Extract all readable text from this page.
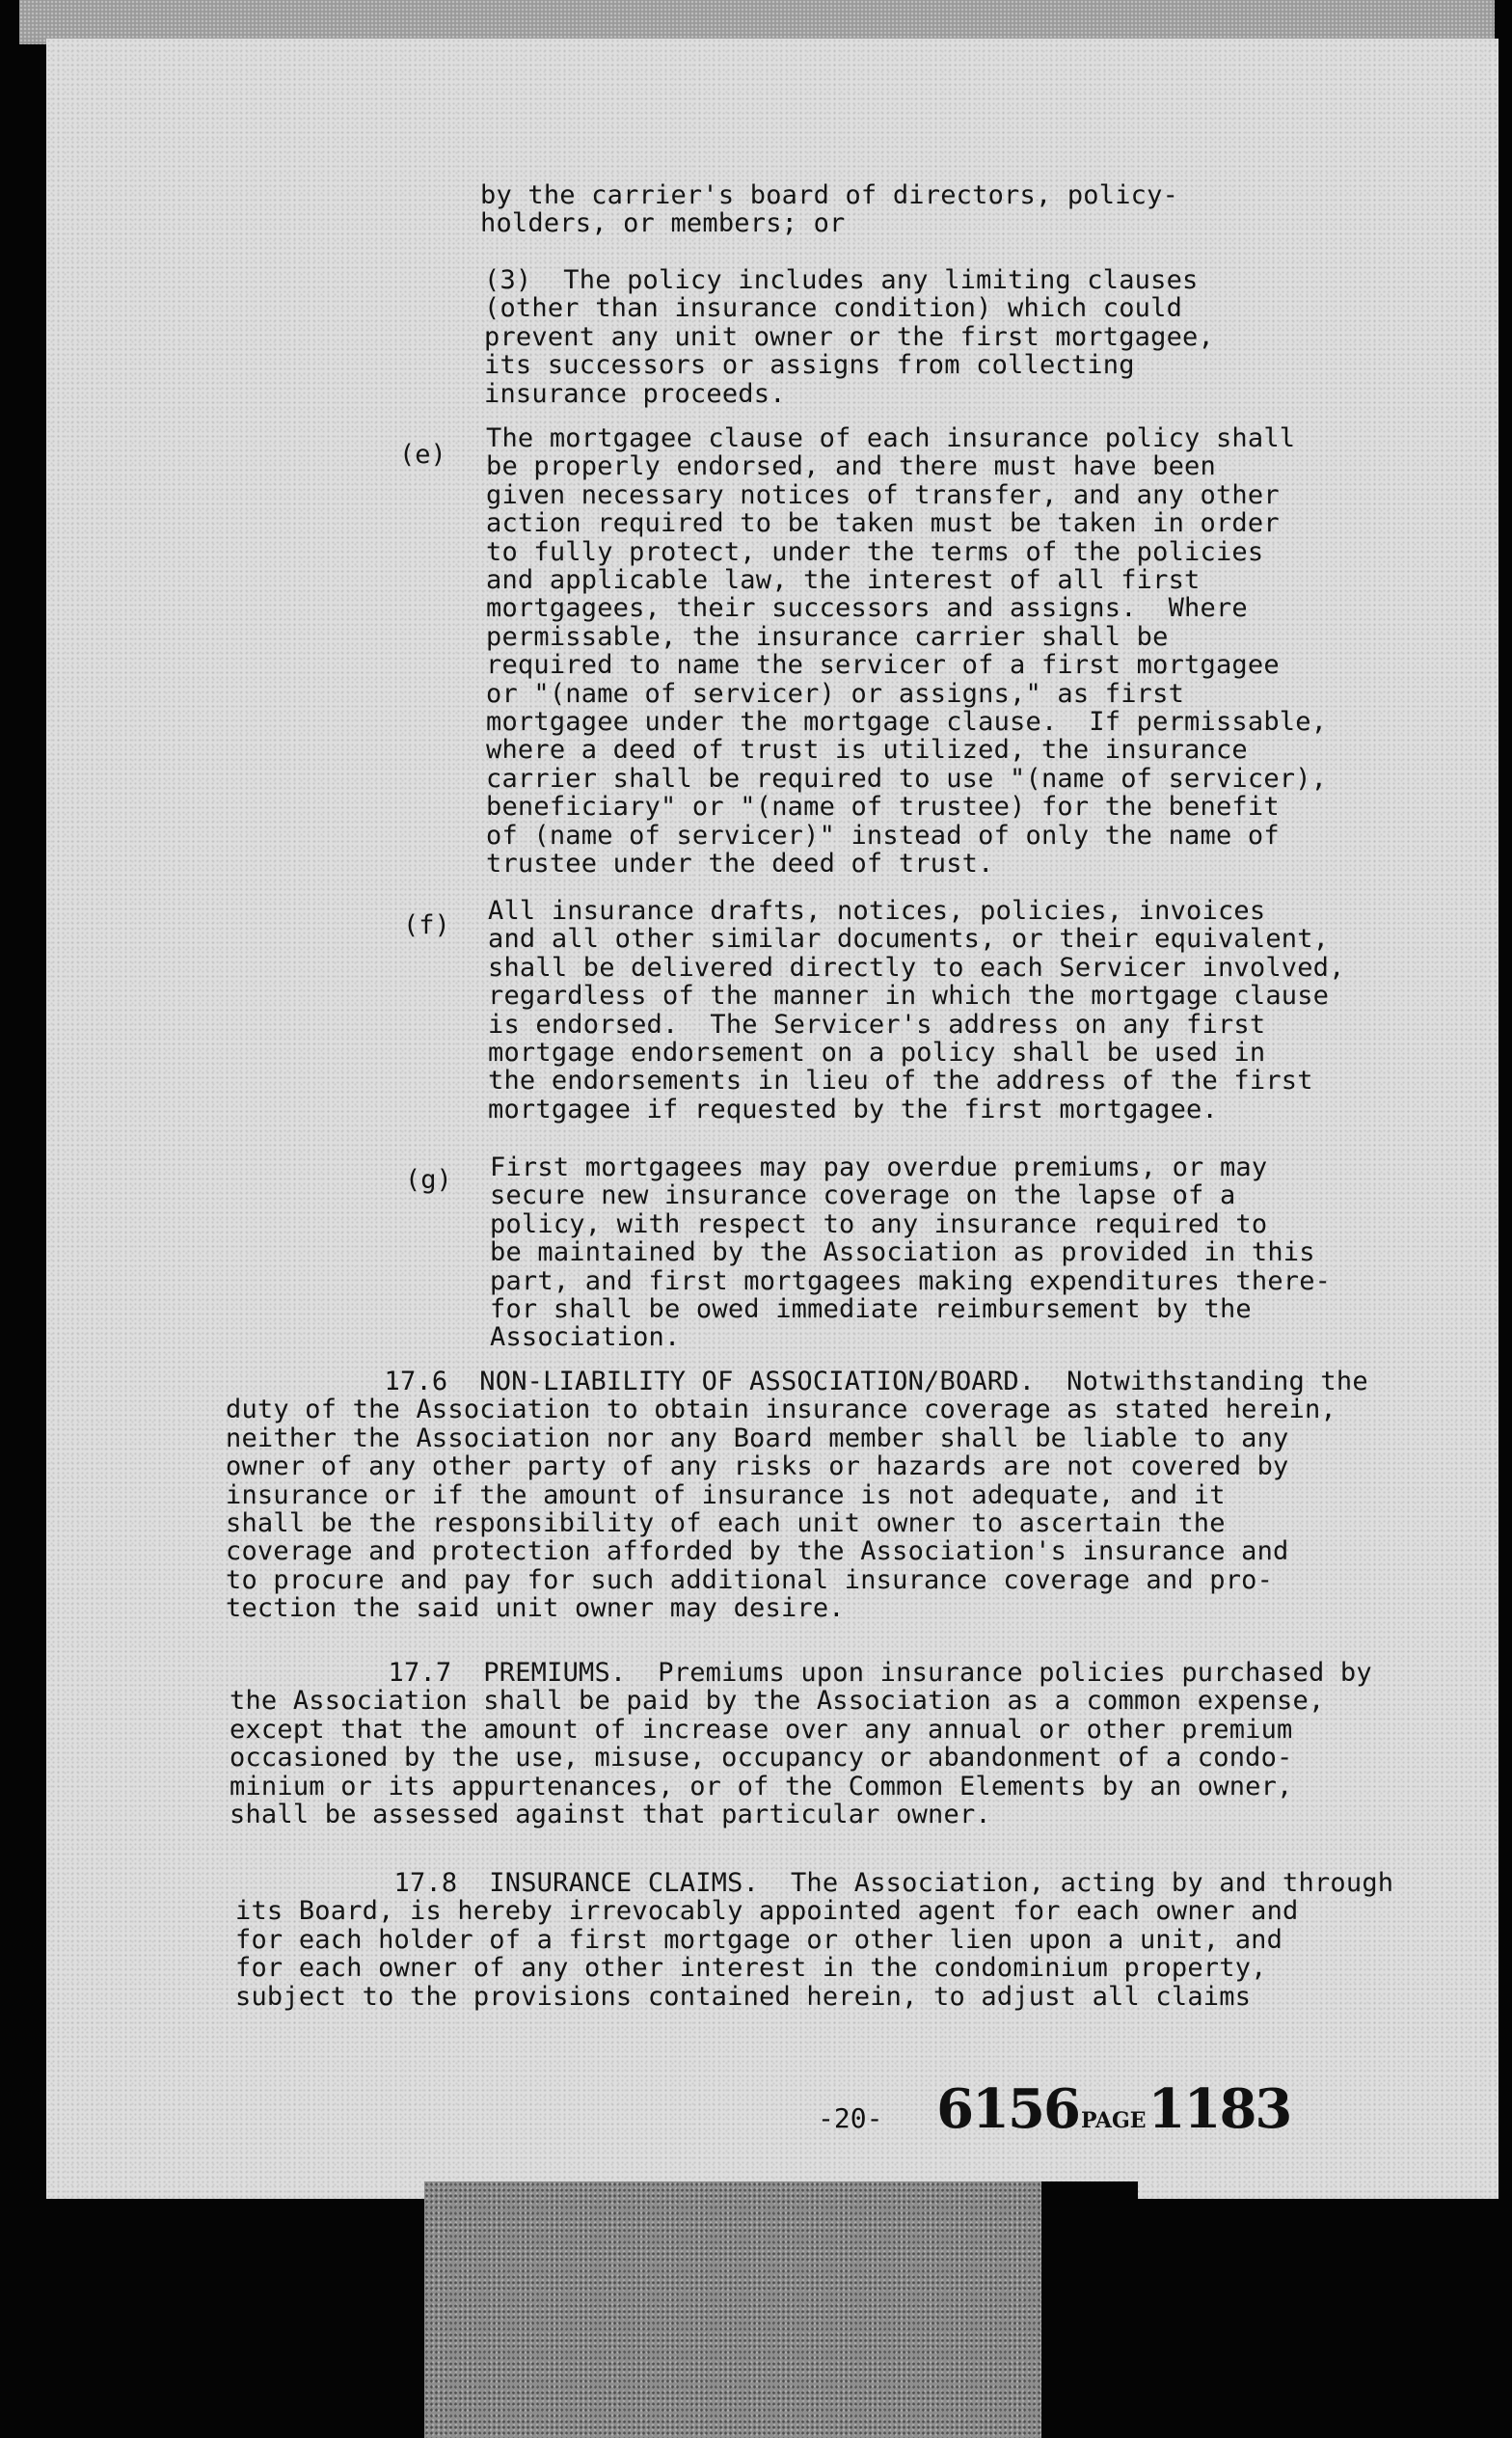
by the carrier's board of directors, policy-
holders, or members; or
(3)  The policy includes any limiting clauses
(other than insurance condition) which could
prevent any unit owner or the first mortgagee,
its successors or assigns from collecting
insurance proceeds.
(e)
The mortgagee clause of each insurance policy shall
be properly endorsed, and there must have been
given necessary notices of transfer, and any other
action required to be taken must be taken in order
to fully protect, under the terms of the policies
and applicable law, the interest of all first
mortgagees, their successors and assigns.  Where
permissable, the insurance carrier shall be
required to name the servicer of a first mortgagee
or "(name of servicer) or assigns," as first
mortgagee under the mortgage clause.  If permissable,
where a deed of trust is utilized, the insurance
carrier shall be required to use "(name of servicer),
beneficiary" or "(name of trustee) for the benefit
of (name of servicer)" instead of only the name of
trustee under the deed of trust.
(f) All insurance drafts, notices, policies, invoices
and all other similar documents, or their equivalent,
shall be delivered directly to each Servicer involved,
regardless of the manner in which the mortgage clause
is endorsed.  The Servicer's address on any first
mortgage endorsement on a policy shall be used in
the endorsements in lieu of the address of the first
mortgagee if requested by the first mortgagee.
(g) First mortgagees may pay overdue premiums, or may
secure new insurance coverage on the lapse of a
policy, with respect to any insurance required to
be maintained by the Association as provided in this
part, and first mortgagees making expenditures there-
for shall be owed immediate reimbursement by the
Association.
17.6  NON-LIABILITY OF ASSOCIATION/BOARD.  Notwithstanding the
duty of the Association to obtain insurance coverage as stated herein,
neither the Association nor any Board member shall be liable to any
owner of any other party of any risks or hazards are not covered by
insurance or if the amount of insurance is not adequate, and it
shall be the responsibility of each unit owner to ascertain the
coverage and protection afforded by the Association's insurance and
to procure and pay for such additional insurance coverage and pro-
tection the said unit owner may desire.
17.7  PREMIUMS.  Premiums upon insurance policies purchased by
the Association shall be paid by the Association as a common expense,
except that the amount of increase over any annual or other premium
occasioned by the use, misuse, occupancy or abandonment of a condo-
minium or its appurtenances, or of the Common Elements by an owner,
shall be assessed against that particular owner.
17.8  INSURANCE CLAIMS.  The Association, acting by and through
its Board, is hereby irrevocably appointed agent for each owner and
for each holder of a first mortgage or other lien upon a unit, and
for each owner of any other interest in the condominium property,
subject to the provisions contained herein, to adjust all claims
-20- 6156PAGE1183
